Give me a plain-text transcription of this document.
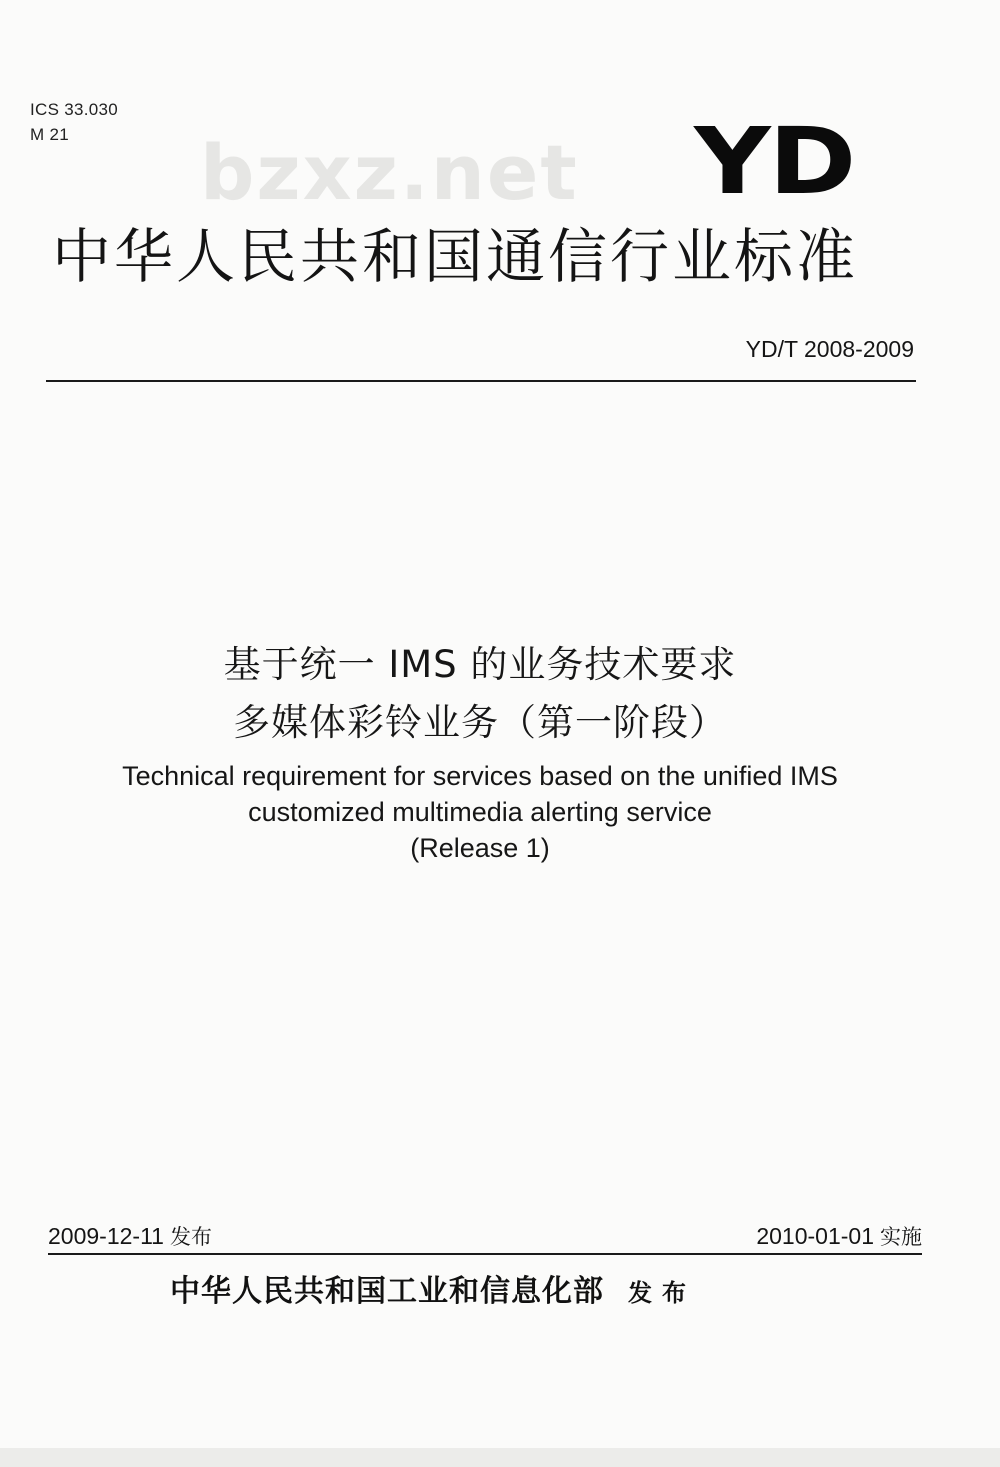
ICS 33.030
M 21	bzxz.net YD
中华人民共和国通信行业标准
YD/T 2008-2009
基于统一 IMS 的业务技术要求
多媒体彩铃业务（第一阶段）
Technical requirement for services based on the unified IMS
customized multimedia alerting service
(Release 1)
2009-12-11 发布	2010-01-01 实施
中华人民共和国工业和信息化部 发布
